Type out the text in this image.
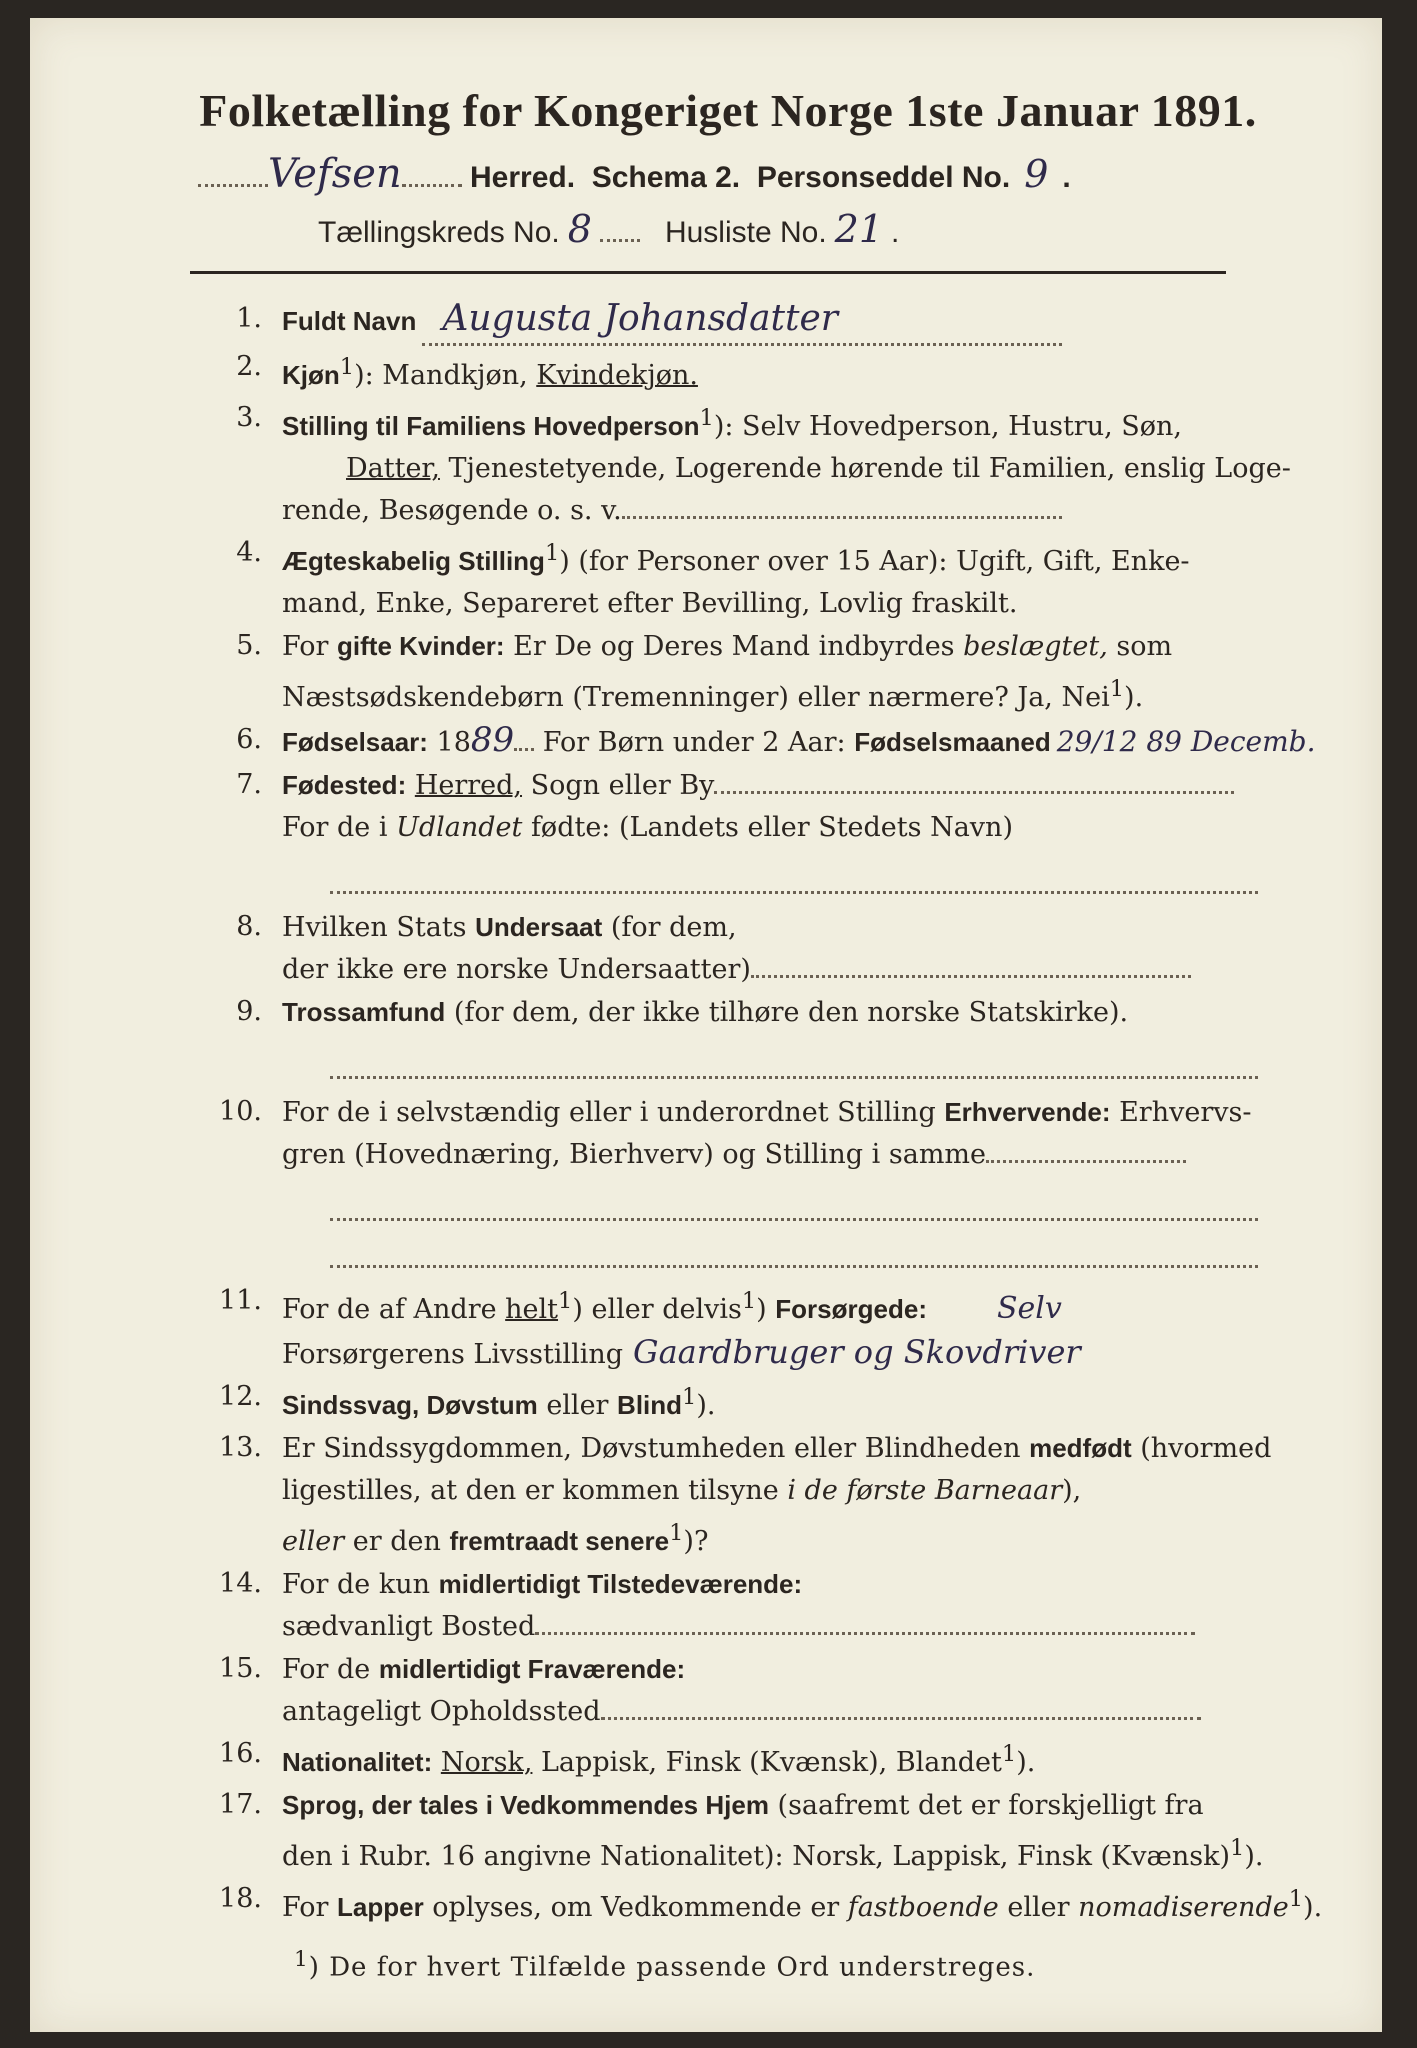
Folketælling for Kongeriget Norge 1ste Januar 1891.
Vefsen Herred. Schema 2. Personseddel No. 9 .
Tællingskreds No. 8 Husliste No. 21 .
1. Fuldt Navn Augusta Johansdatter
2. Kjøn$^1$): Mandkjøn, Kvindekjøn.
3. Stilling til Familiens Hovedperson$^1$): Selv Hovedperson, Hustru, Søn,
Datter, Tjenestetyende, Logerende hørende til Familien, enslig Loge-
rende, Besøgende o. s. v.
4. Ægteskabelig Stilling$^1$) (for Personer over 15 Aar): Ugift, Gift, Enke-
mand, Enke, Separeret efter Bevilling, Lovlig fraskilt.
5. For gifte Kvinder: Er De og Deres Mand indbyrdes beslægtet, som
Næstsødskendebørn (Tremenninger) eller nærmere? Ja, Nei$^1$).
6. Fødselsaar: 1889 For Børn under 2 Aar: Fødselsmaaned 29/12 89 Decemb.
7. Fødested: Herred, Sogn eller By
For de i Udlandet fødte: (Landets eller Stedets Navn)
8. Hvilken Stats Undersaat (for dem,
der ikke ere norske Undersaatter)
9. Trossamfund (for dem, der ikke tilhøre den norske Statskirke).
10. For de i selvstændig eller i underordnet Stilling Erhvervende: Erhvervs-
gren (Hovednæring, Bierhverv) og Stilling i samme
11. For de af Andre helt$^1$) eller delvis$^1$) Forsørgede: Selv
Forsørgerens Livsstilling Gaardbruger og Skovdriver
12. Sindssvag, Døvstum eller Blind$^1$).
13. Er Sindssygdommen, Døvstumheden eller Blindheden medfødt (hvormed
ligestilles, at den er kommen tilsyne i de første Barneaar),
eller er den fremtraadt senere$^1$)?
14. For de kun midlertidigt Tilstedeværende:
sædvanligt Bosted
15. For de midlertidigt Fraværende:
antageligt Opholdssted
16. Nationalitet: Norsk, Lappisk, Finsk (Kvænsk), Blandet$^1$).
17. Sprog, der tales i Vedkommendes Hjem (saafremt det er forskjelligt fra
den i Rubr. 16 angivne Nationalitet): Norsk, Lappisk, Finsk (Kvænsk)$^1$).
18. For Lapper oplyses, om Vedkommende er fastboende eller nomadiserende$^1$).
$^1$) De for hvert Tilfælde passende Ord understreges.
